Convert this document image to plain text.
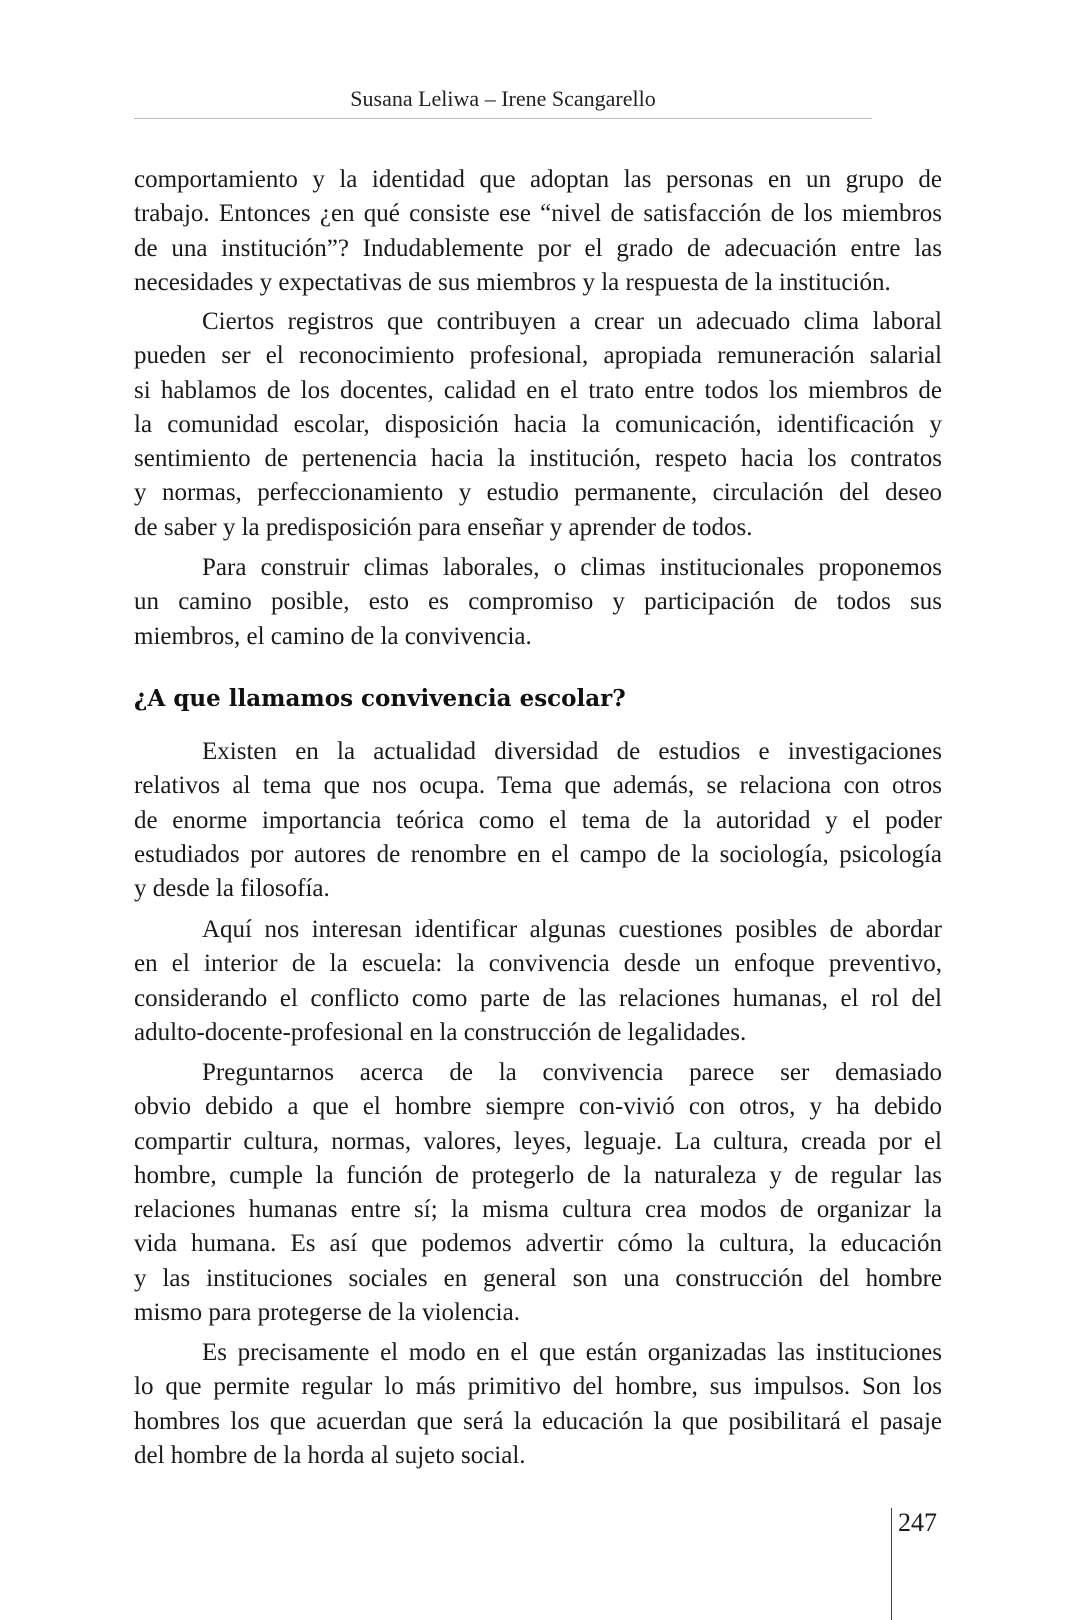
Susana Leliwa – Irene Scangarello
comportamiento y la identidad que adoptan las personas en un grupo de
trabajo. Entonces ¿en qué consiste ese “nivel de satisfacción de los miembros
de una institución”? Indudablemente por el grado de adecuación entre las
necesidades y expectativas de sus miembros y la respuesta de la institución.
Ciertos registros que contribuyen a crear un adecuado clima laboral
pueden ser el reconocimiento profesional, apropiada remuneración salarial
si hablamos de los docentes, calidad en el trato entre todos los miembros de
la comunidad escolar, disposición hacia la comunicación, identificación y
sentimiento de pertenencia hacia la institución, respeto hacia los contratos
y normas, perfeccionamiento y estudio permanente, circulación del deseo
de saber y la predisposición para enseñar y aprender de todos.
Para construir climas laborales, o climas institucionales proponemos
un camino posible, esto es compromiso y participación de todos sus
miembros, el camino de la convivencia.
¿A que llamamos convivencia escolar?
Existen en la actualidad diversidad de estudios e investigaciones
relativos al tema que nos ocupa. Tema que además, se relaciona con otros
de enorme importancia teórica como el tema de la autoridad y el poder
estudiados por autores de renombre en el campo de la sociología, psicología
y desde la filosofía.
Aquí nos interesan identificar algunas cuestiones posibles de abordar
en el interior de la escuela: la convivencia desde un enfoque preventivo,
considerando el conflicto como parte de las relaciones humanas, el rol del
adulto-docente-profesional en la construcción de legalidades.
Preguntarnos acerca de la convivencia parece ser demasiado
obvio debido a que el hombre siempre con-vivió con otros, y ha debido
compartir cultura, normas, valores, leyes, leguaje. La cultura, creada por el
hombre, cumple la función de protegerlo de la naturaleza y de regular las
relaciones humanas entre sí; la misma cultura crea modos de organizar la
vida humana. Es así que podemos advertir cómo la cultura, la educación
y las instituciones sociales en general son una construcción del hombre
mismo para protegerse de la violencia.
Es precisamente el modo en el que están organizadas las instituciones
lo que permite regular lo más primitivo del hombre, sus impulsos. Son los
hombres los que acuerdan que será la educación la que posibilitará el pasaje
del hombre de la horda al sujeto social.
247
